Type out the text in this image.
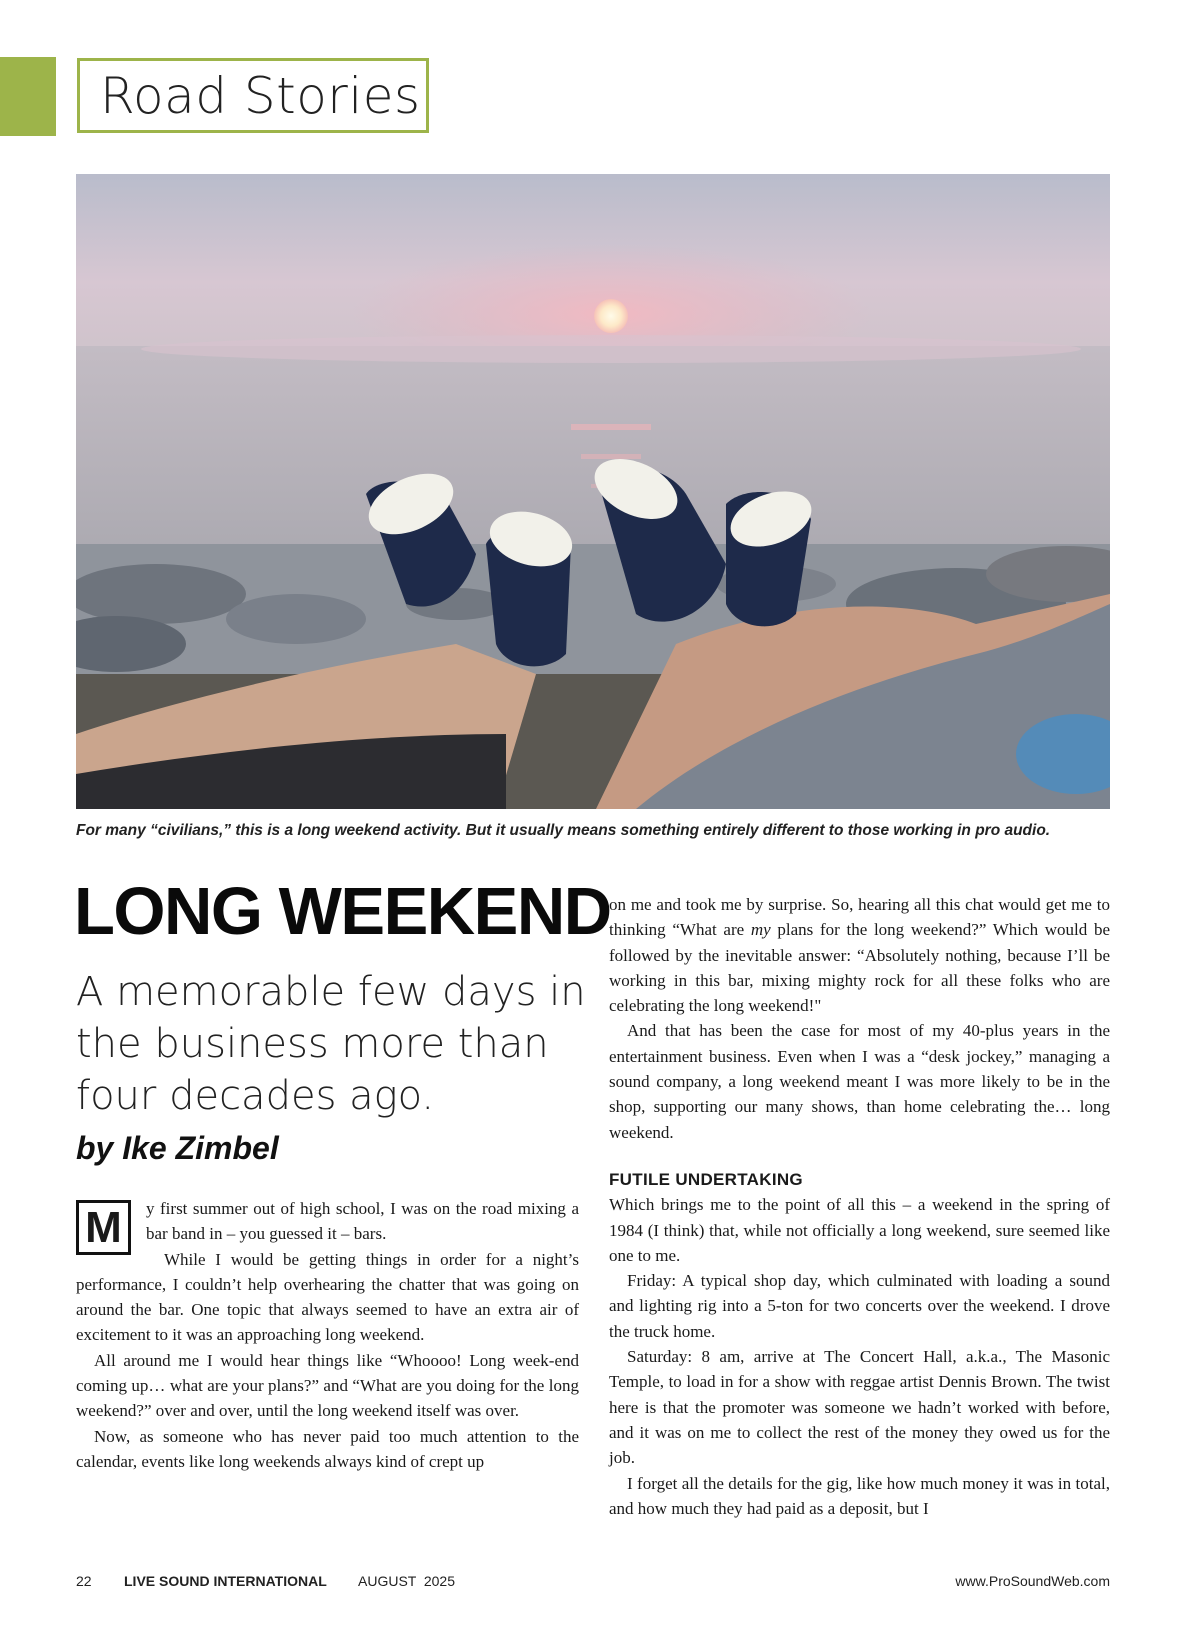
Road Stories
For many “civilians,” this is a long weekend activity. But it usually means something entirely different to those working in pro audio.
LONG WEEKEND
A memorable few days in the business more than four decades ago.
by Ike Zimbel

M	y first summer out of high school, I was on the road mixing a bar band in – you guessed it – bars.

While I would be getting things in order for a night’s performance, I couldn’t help overhearing the chatter that was going on around the bar. One topic that always seemed to have an extra air of excitement to it was an approaching long weekend.

All around me I would hear things like “Whoooo! Long week-end coming up… what are your plans?” and “What are you doing for the long weekend?” over and over, until the long weekend itself was over.

Now, as someone who has never paid too much attention to the calendar, events like long weekends always kind of crept up

on me and took me by surprise. So, hearing all this chat would get me to thinking “What are my plans for the long weekend?” Which would be followed by the inevitable answer: “Absolutely nothing, because I’ll be working in this bar, mixing mighty rock for all these folks who are celebrating the long weekend!"

And that has been the case for most of my 40-plus years in the entertainment business. Even when I was a “desk jockey,” managing a sound company, a long weekend meant I was more likely to be in the shop, supporting our many shows, than home celebrating the… long weekend.

FUTILE UNDERTAKING

Which brings me to the point of all this – a weekend in the spring of 1984 (I think) that, while not officially a long weekend, sure seemed like one to me.

Friday: A typical shop day, which culminated with loading a sound and lighting rig into a 5-ton for two concerts over the weekend. I drove the truck home.

Saturday: 8 am, arrive at The Concert Hall, a.k.a., The Masonic Temple, to load in for a show with reggae artist Dennis Brown. The twist here is that the promoter was someone we hadn’t worked with before, and it was on me to collect the rest of the money they owed us for the job.

I forget all the details for the gig, like how much money it was in total, and how much they had paid as a deposit, but I

22 LIVE SOUND INTERNATIONAL AUGUST  2025	www.ProSoundWeb.com
